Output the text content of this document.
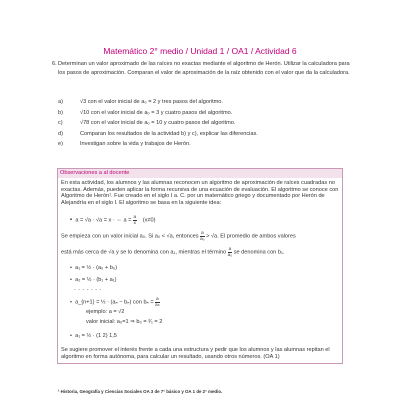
Matemático 2° medio / Unidad 1 / OA1 / Actividad 6
6. Determinan un valor aproximado de las raíces no exactas mediante el algoritmo de Herón. Utilizar la calculadora para los pasos de aproximación. Comparan el valor de aproximación de la raíz obtenido con el valor que da la calculadora.
a)	√3 con el valor inicial de a₀ = 2 y tres pasos del algoritmo.
b)	√10 con el valor inicial de a₀ = 3 y cuatro pasos del algoritmo.
c)	√78 con el valor inicial de a₀ = 10 y cuatro pasos del algoritmo.
d)	Comparan los resultados de la actividad b) y c), explicar las diferencias.
e)	Investigan sobre la vida y trabajos de Herón.
Observaciones a al docente
En esta actividad, los alumnos y las alumnas reconocen un algoritmo de aproximación de raíces cuadradas no exactas. Además, pueden aplicar la forma recursiva de una ecuación de evaluación. El algoritmo se conoce con Algoritmo de Herón¹. Fue creado en el siglo I a. C. por un matemático griego y documentado por Herón de Alejandría en el siglo I. El algoritmo se basa en la siguiente idea:
•  a = √a · √a = x · ⇔ $a = \frac{a}{x} (x\ne 0)$
Se empieza con un valor inicial a₀. Si a₀ < √a, entonces $\frac{a}{\text{a₀}} > √a$. El promedio de ambos valores
está más cerca de √a y se lo denomina con a₁, mientras el término $\frac{a}{\text{a₀}}$ se denomina con b₁.
•  a₁ = ½ · (a₀ + b₀)
•  a₂ = ½ · (b₁ + a₁)
- - - - - - -
•  a_{n+1} = ½ · (aₙ − bₙ) con $b_n = \frac{a}{\text{aₙ}}$
ejemplo: a = √2
valor inicial: a₀=1 ⇒ b₀ = ²⁄₁ = 2
•  a₁ = ½ · (1 2) 1,5
Se sugiere promover el interés frente a cada una estructura y pedir que los alumnos y las alumnas repitan el algoritmo en forma autónoma, para calcular un resultado, usando otros números. (OA 1)
¹ Historia, Geografía y Ciencias Sociales OA 3 de 7° básico y OA 1 de 2° medio.
